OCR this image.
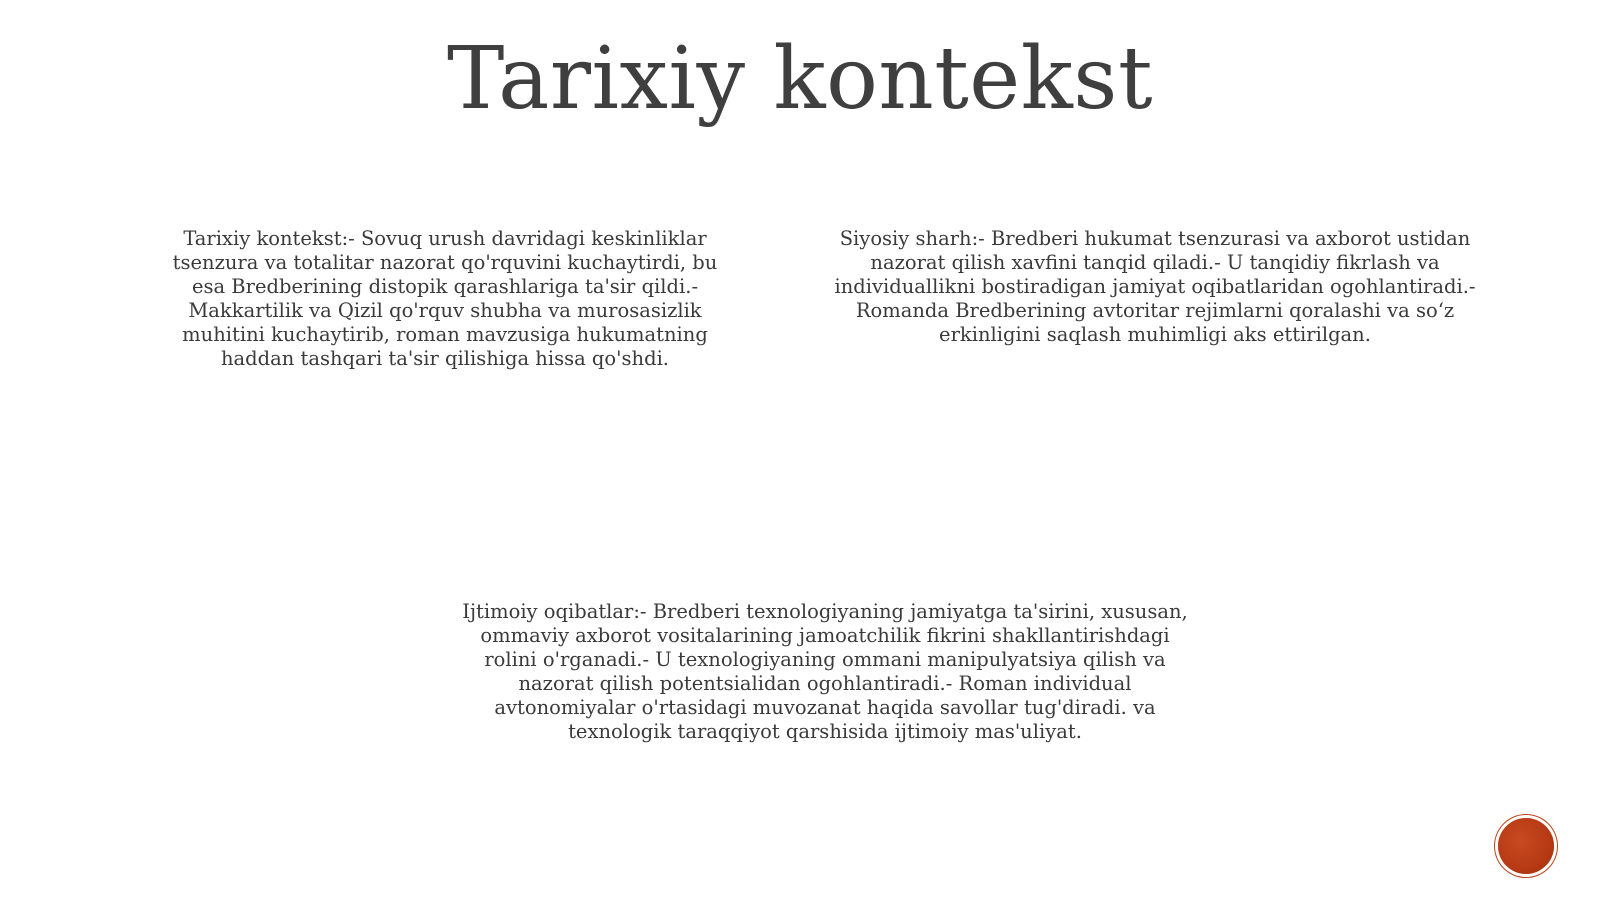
Tarixiy kontekst

Tarixiy kontekst:- Sovuq urush davridagi keskinliklar tsenzura va totalitar nazorat qo'rquvini kuchaytirdi, bu esa Bredberining distopik qarashlariga ta'sir qildi.- Makkartilik va Qizil qo'rquv shubha va murosasizlik muhitini kuchaytirib, roman mavzusiga hukumatning haddan tashqari ta'sir qilishiga hissa qo'shdi.

Siyosiy sharh:- Bredberi hukumat tsenzurasi va axborot ustidan nazorat qilish xavfini tanqid qiladi.- U tanqidiy fikrlash va individuallikni bostiradigan jamiyat oqibatlaridan ogohlantiradi.- Romanda Bredberining avtoritar rejimlarni qoralashi va so‘z erkinligini saqlash muhimligi aks ettirilgan.

Ijtimoiy oqibatlar:- Bredberi texnologiyaning jamiyatga ta'sirini, xususan, ommaviy axborot vositalarining jamoatchilik fikrini shakllantirishdagi rolini o'rganadi.- U texnologiyaning ommani manipulyatsiya qilish va nazorat qilish potentsialidan ogohlantiradi.- Roman individual avtonomiyalar o'rtasidagi muvozanat haqida savollar tug'diradi. va texnologik taraqqiyot qarshisida ijtimoiy mas'uliyat.
